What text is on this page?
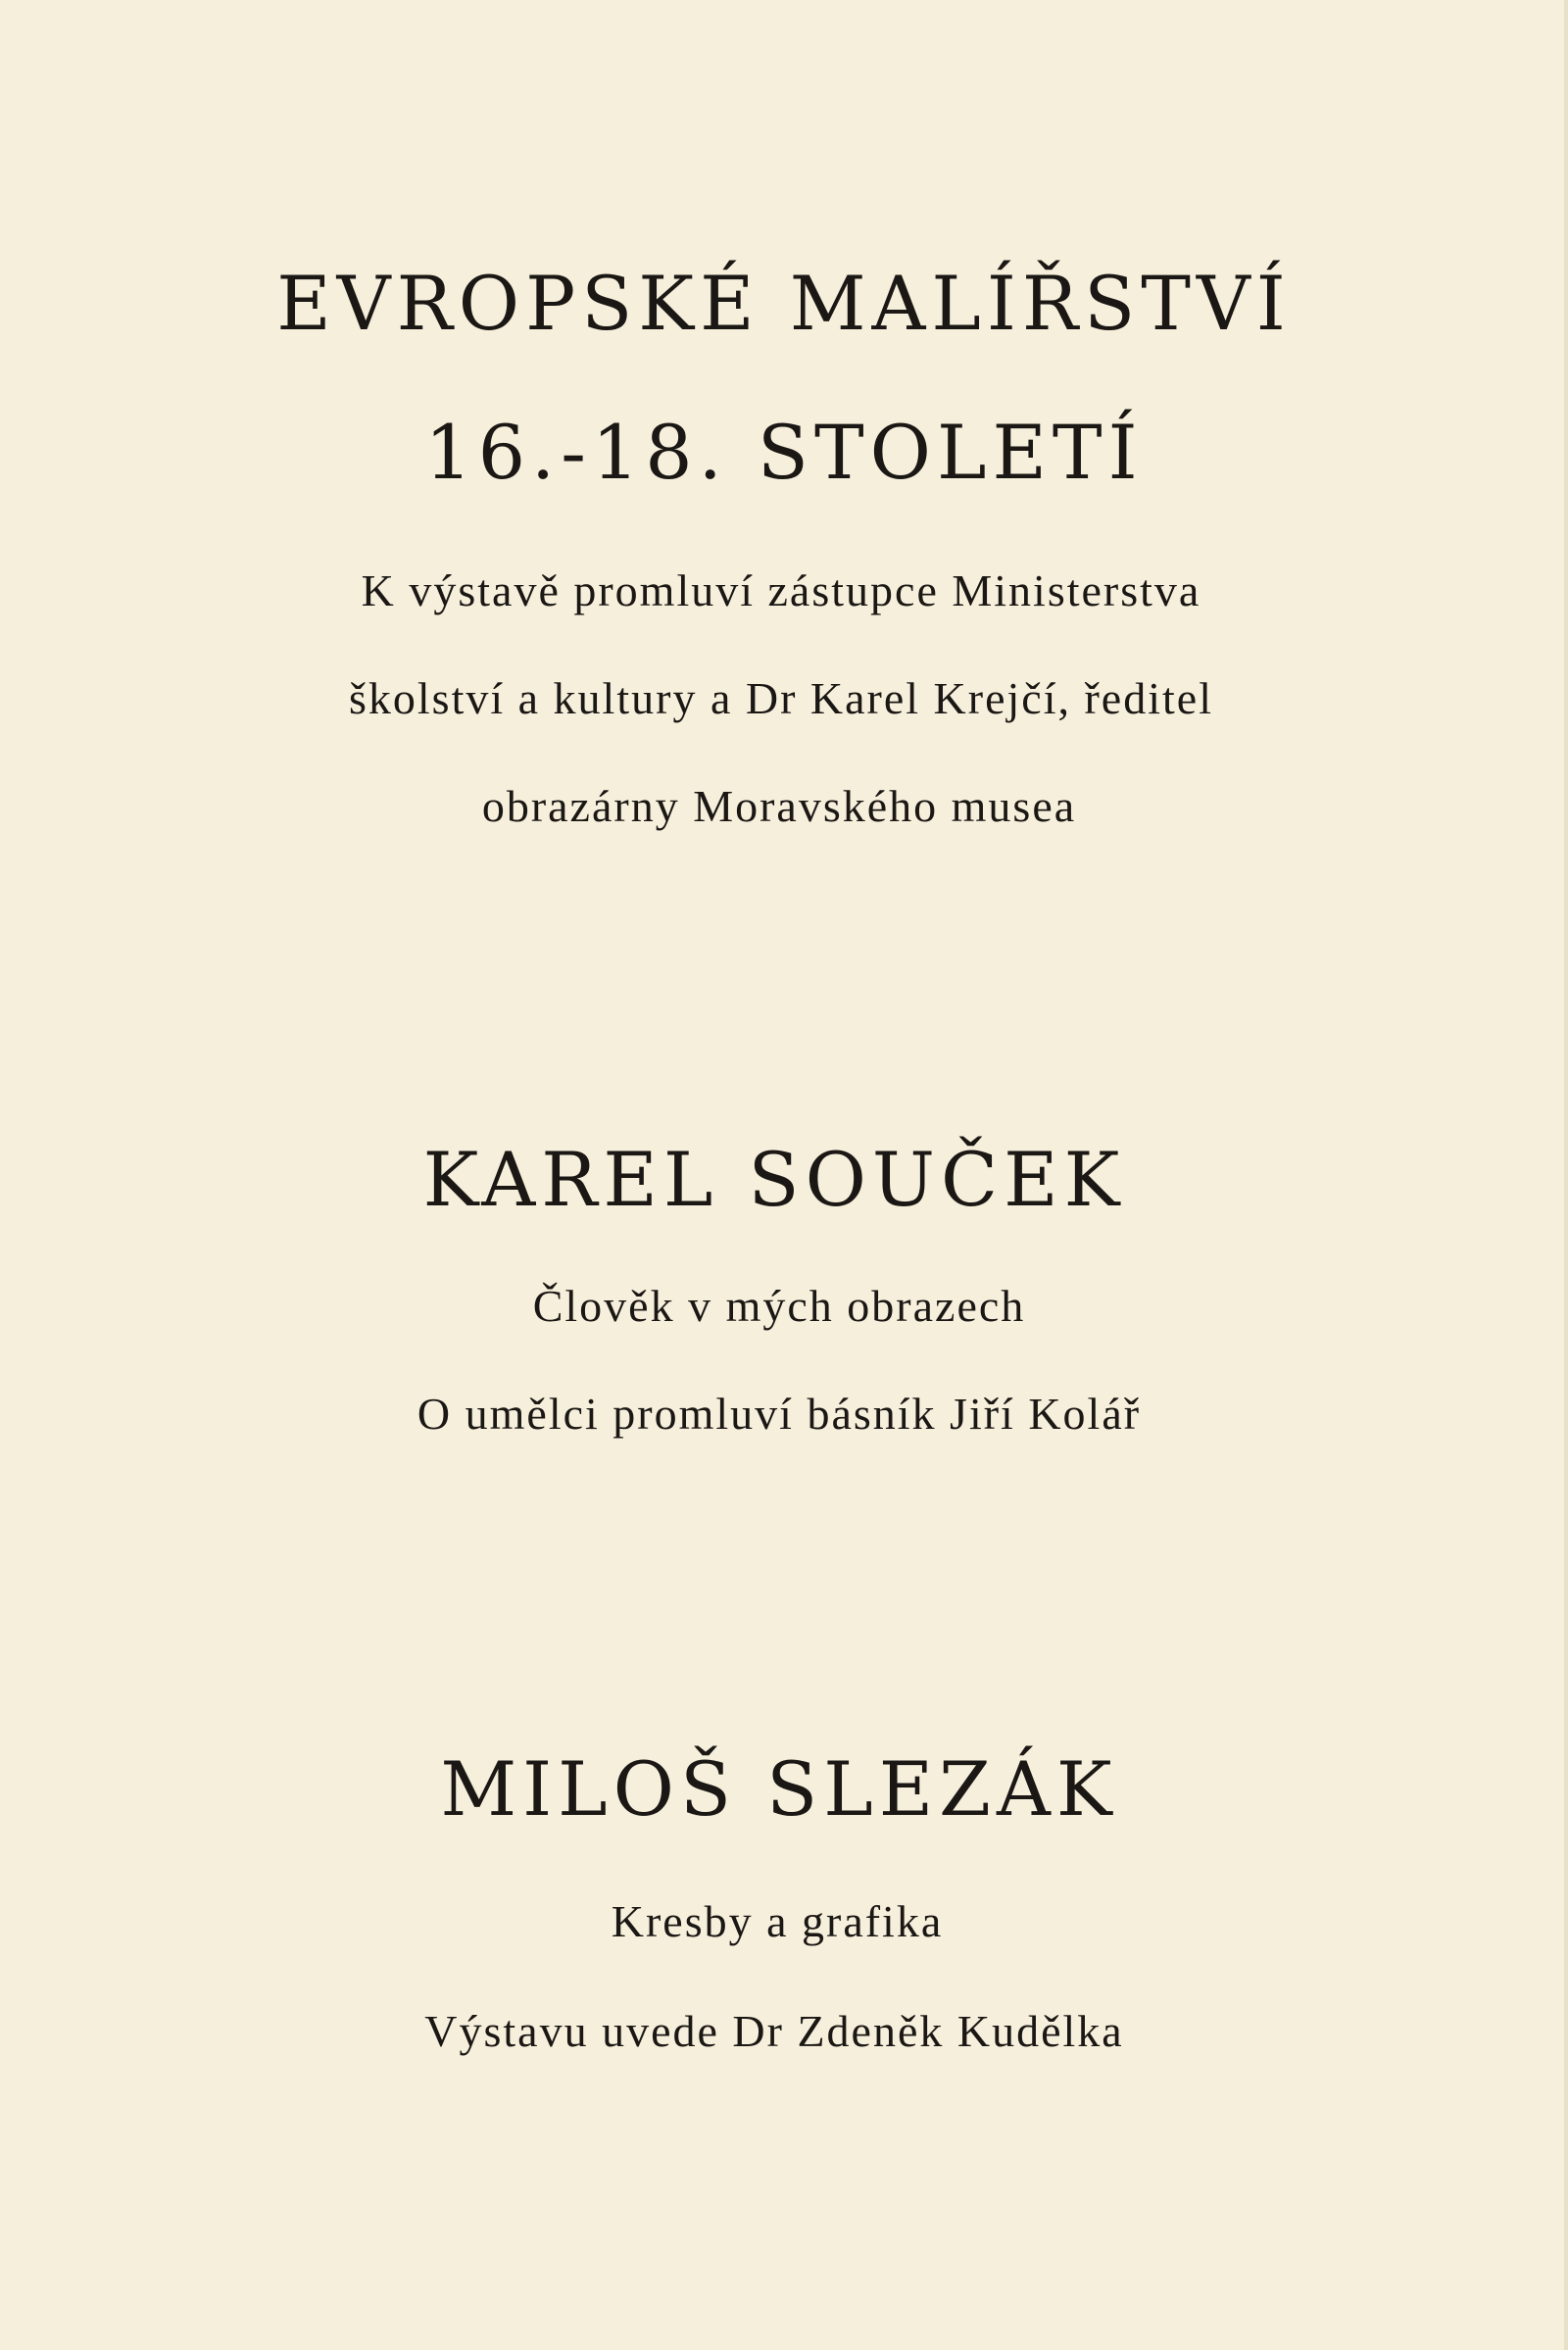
EVROPSKÉ MALÍŘSTVÍ
16.-18. STOLETÍ
K výstavě promluví zástupce Ministerstva
školství a kultury a Dr Karel Krejčí, ředitel
obrazárny Moravského musea
KAREL SOUČEK
Člověk v mých obrazech
O umělci promluví básník Jiří Kolář
MILOŠ SLEZÁK
Kresby a grafika
Výstavu uvede Dr Zdeněk Kudělka
